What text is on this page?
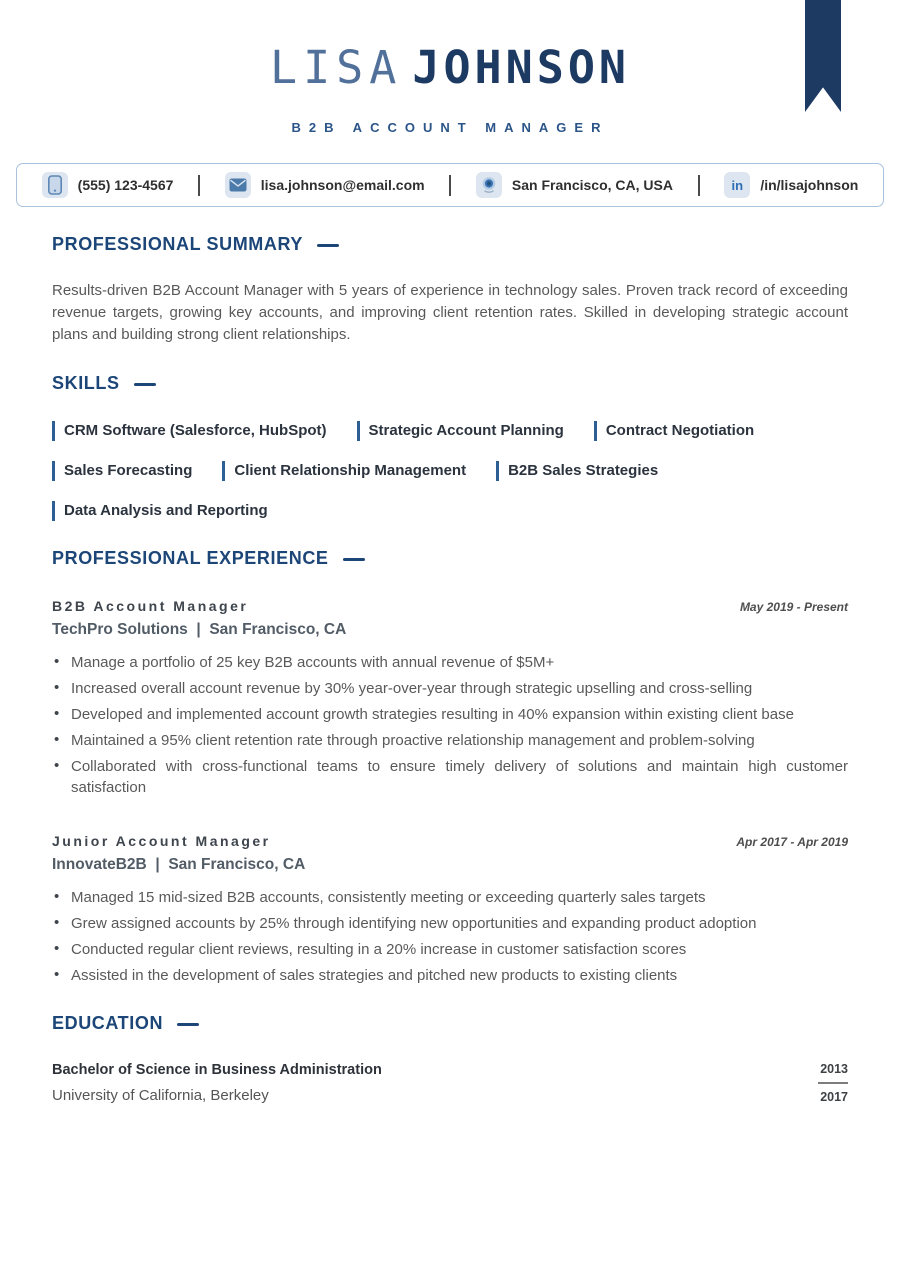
LISA JOHNSON
B2B ACCOUNT MANAGER
(555) 123-4567	lisa.johnson@email.com	San Francisco, CA, USA	in /in/lisajohnson
PROFESSIONAL SUMMARY

Results-driven B2B Account Manager with 5 years of experience in technology sales. Proven track record of exceeding revenue targets, growing key accounts, and improving client retention rates. Skilled in developing strategic account plans and building strong client relationships.

SKILLS
CRM Software (Salesforce, HubSpot)	Strategic Account Planning	Contract Negotiation
Sales Forecasting	Client Relationship Management	B2B Sales Strategies
Data Analysis and Reporting
PROFESSIONAL EXPERIENCE
B2B Account Manager
TechPro Solutions | San Francisco, CA
May 2019 - Present
• Manage a portfolio of 25 key B2B accounts with annual revenue of $5M+
• Increased overall account revenue by 30% year-over-year through strategic upselling and cross-selling
• Developed and implemented account growth strategies resulting in 40% expansion within existing client base
• Maintained a 95% client retention rate through proactive relationship management and problem-solving
• Collaborated with cross-functional teams to ensure timely delivery of solutions and maintain high customer satisfaction
Junior Account Manager
InnovateB2B | San Francisco, CA
Apr 2017 - Apr 2019
• Managed 15 mid-sized B2B accounts, consistently meeting or exceeding quarterly sales targets
• Grew assigned accounts by 25% through identifying new opportunities and expanding product adoption
• Conducted regular client reviews, resulting in a 20% increase in customer satisfaction scores
• Assisted in the development of sales strategies and pitched new products to existing clients
EDUCATION
Bachelor of Science in Business Administration
University of California, Berkeley
2013
2017
